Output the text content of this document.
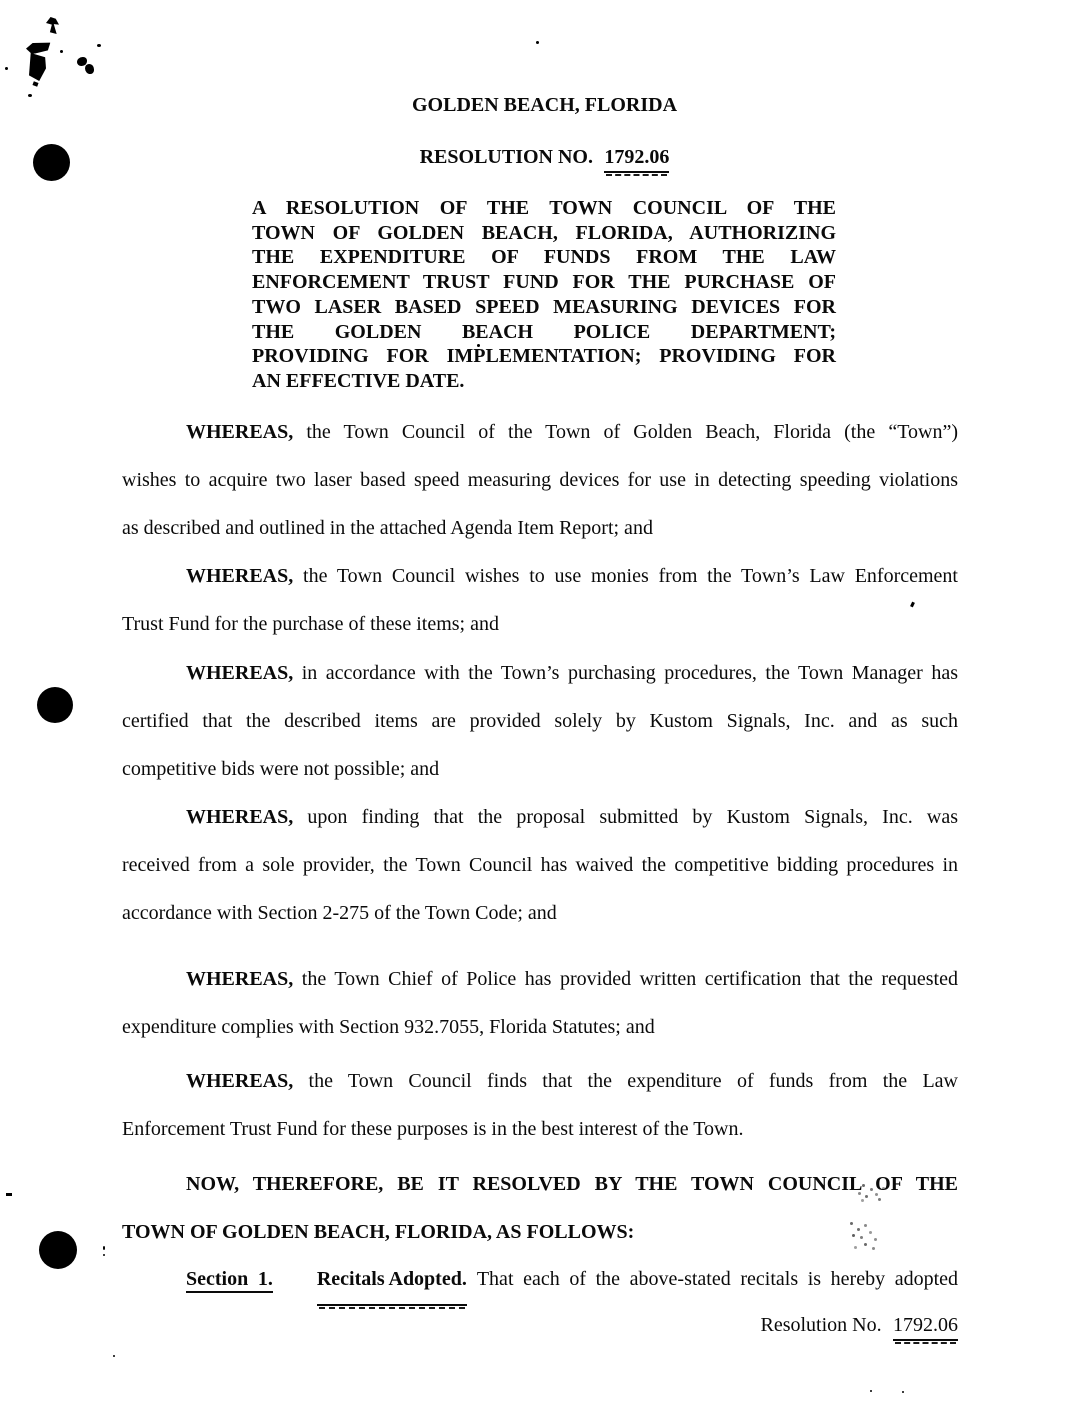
GOLDEN BEACH, FLORIDA
RESOLUTION NO. 1792.06
A RESOLUTION OF THE TOWN COUNCIL OF THE
TOWN OF GOLDEN BEACH, FLORIDA, AUTHORIZING
THE EXPENDITURE OF FUNDS FROM THE LAW
ENFORCEMENT TRUST FUND FOR THE PURCHASE OF
TWO LASER BASED SPEED MEASURING DEVICES FOR
THE GOLDEN BEACH POLICE DEPARTMENT;
PROVIDING FOR IMPLEMENTATION; PROVIDING FOR
AN EFFECTIVE DATE.
WHEREAS, the Town Council of the Town of Golden Beach, Florida (the “Town”)
wishes to acquire two laser based speed measuring devices for use in detecting speeding violations
as described and outlined in the attached Agenda Item Report; and
WHEREAS, the Town Council wishes to use monies from the Town’s Law Enforcement
Trust Fund for the purchase of these items; and
WHEREAS, in accordance with the Town’s purchasing procedures, the Town Manager has
certified that the described items are provided solely by Kustom Signals, Inc. and as such
competitive bids were not possible; and
WHEREAS, upon finding that the proposal submitted by Kustom Signals, Inc. was
received from a sole provider, the Town Council has waived the competitive bidding procedures in
accordance with Section 2-275 of the Town Code; and
WHEREAS, the Town Chief of Police has provided written certification that the requested
expenditure complies with Section 932.7055, Florida Statutes; and
WHEREAS, the Town Council finds that the expenditure of funds from the Law
Enforcement Trust Fund for these purposes is in the best interest of the Town.
NOW, THEREFORE, BE IT RESOLVED BY THE TOWN COUNCIL OF THE
TOWN OF GOLDEN BEACH, FLORIDA, AS FOLLOWS:
Section 1. Recitals Adopted. That each of the above-stated recitals is hereby adopted
Resolution No. 1792.06
